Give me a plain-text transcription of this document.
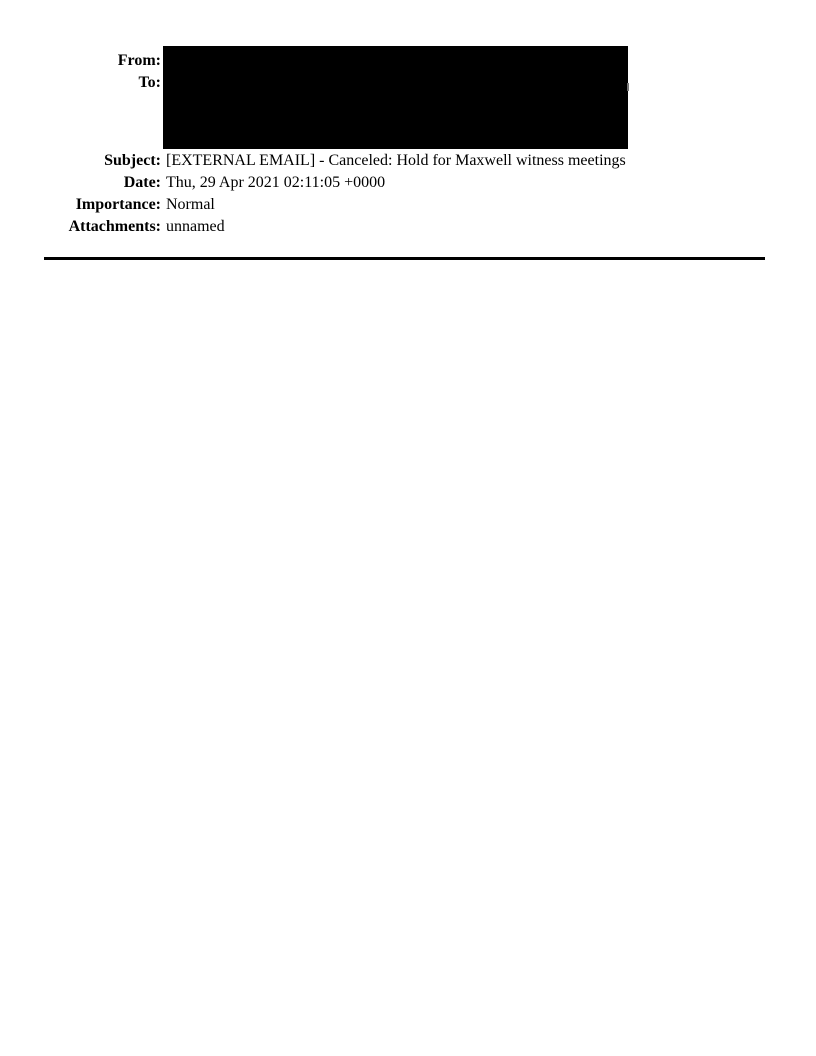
From:
To:
Subject: [EXTERNAL EMAIL] - Canceled: Hold for Maxwell witness meetings
Date: Thu, 29 Apr 2021 02:11:05 +0000
Importance: Normal
Attachments: unnamed
